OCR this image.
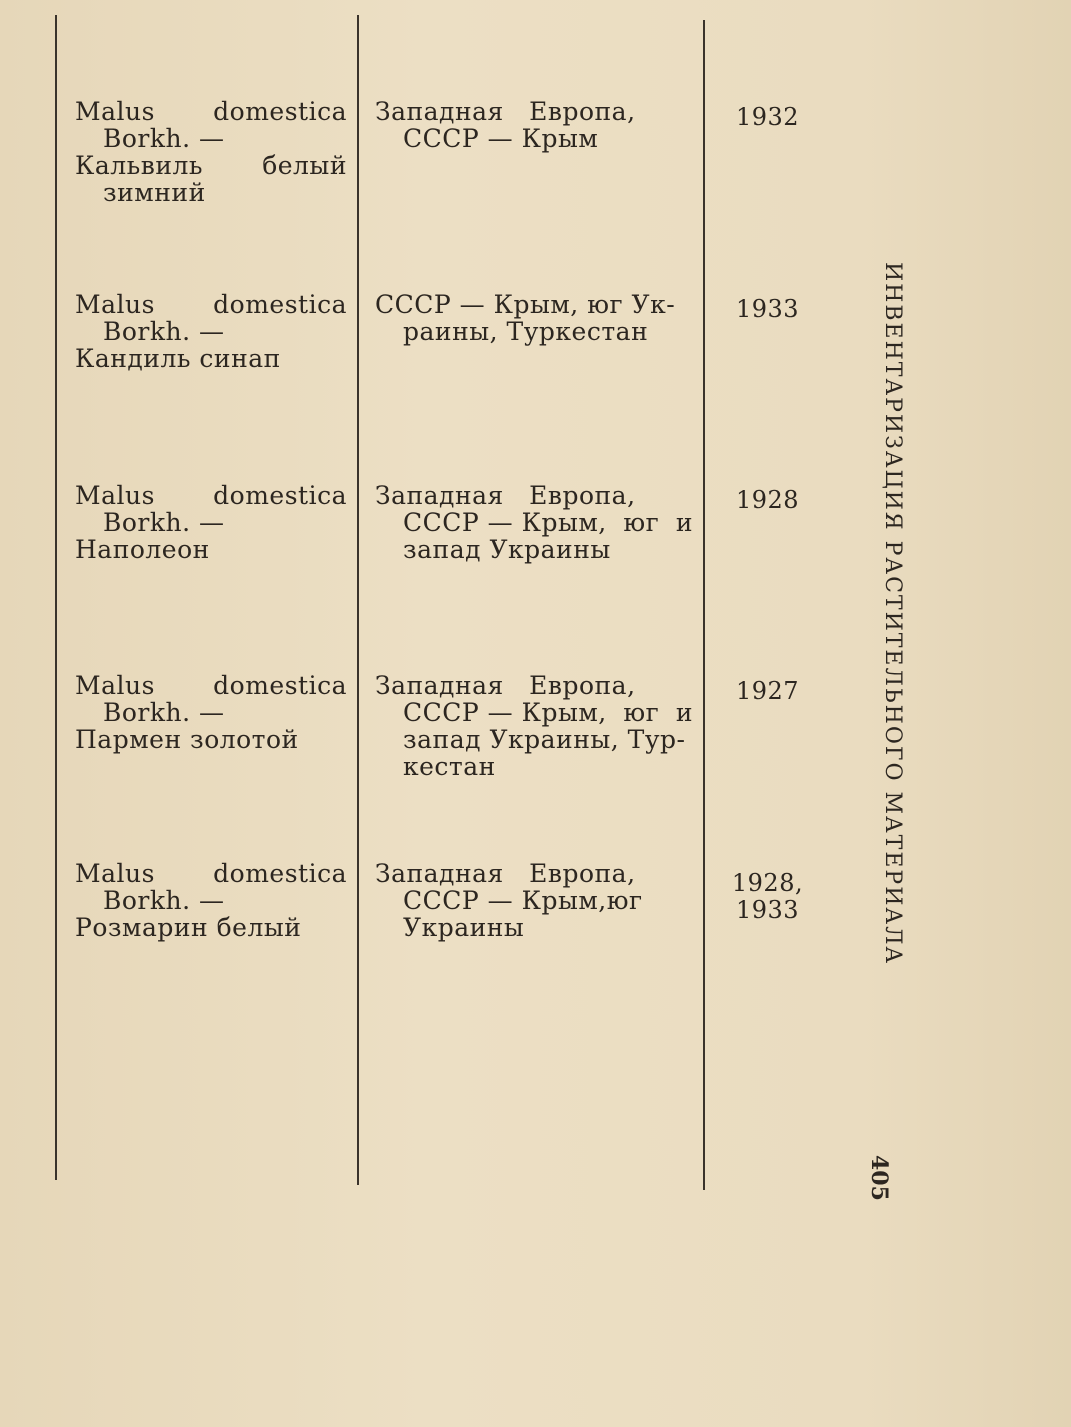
Malus domestica
Borkh. —
Кальвиль белый
зимний
Западная Европа,
СССР — Крым
1932
Malus domestica
Borkh. —
Кандиль синап
СССР — Крым, юг Ук-
раины, Туркестан
1933
Malus domestica
Borkh. —
Наполеон
Западная Европа,
СССР — Крым, юг и
запад Украины
1928
Malus domestica
Borkh. —
Пармен золотой
Западная Европа,
СССР — Крым, юг и
запад Украины, Тур-
кестан
1927
Malus domestica
Borkh. —
Розмарин белый
Западная Европа,
СССР — Крым, юг
Украины
1928, 1933	ИНВЕНТАРИЗАЦИЯ РАСТИТЕЛЬНОГО МАТЕРИАЛА
405
